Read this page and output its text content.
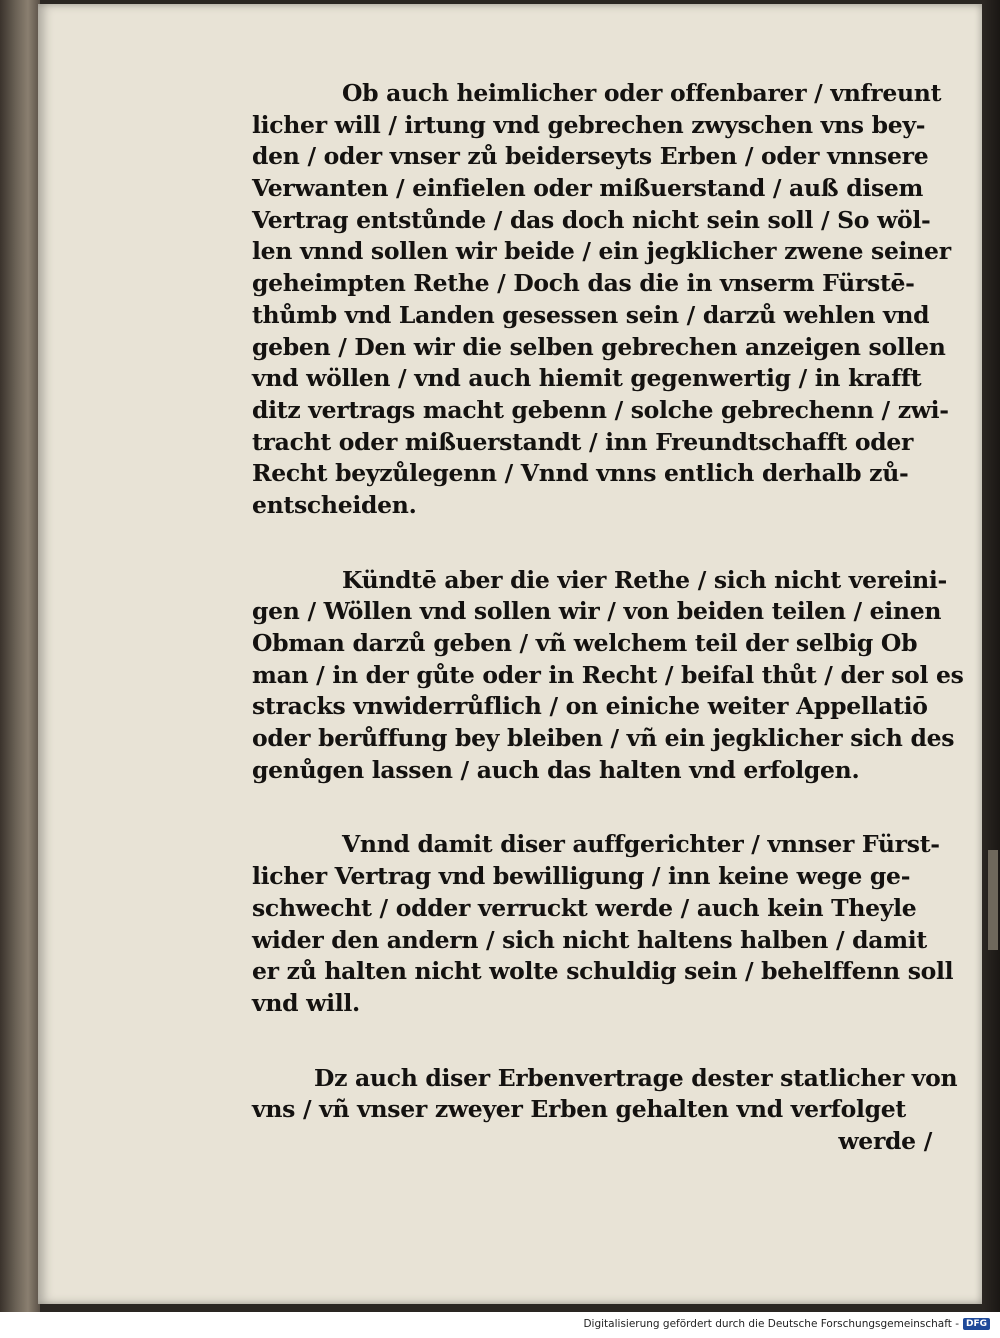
Ob auch heimlicher oder offenbarer / vnfreunt
licher will / irtung vnd gebrechen zwyschen vns bey-
den / oder vnser zů beiderseyts Erben / oder vnnsere
Verwanten / einfielen oder mißuerstand / auß disem
Vertrag entstůnde / das doch nicht sein soll / So wöl-
len vnnd sollen wir beide / ein jegklicher zwene seiner
geheimpten Rethe / Doch das die in vnserm Fürstē-
thůmb vnd Landen gesessen sein / darzů wehlen vnd
geben / Den wir die selben gebrechen anzeigen sollen
vnd wöllen / vnd auch hiemit gegenwertig / in krafft
ditz vertrags macht gebenn / solche gebrechenn / zwi-
tracht oder mißuerstandt / inn Freundtschafft oder
Recht beyzůlegenn / Vnnd vnns entlich derhalb zů-
entscheiden.
Kündtē aber die vier Rethe / sich nicht vereini-
gen / Wöllen vnd sollen wir / von beiden teilen / einen
Obman darzů geben / vñ welchem teil der selbig Ob
man / in der gůte oder in Recht / beifal thůt / der sol es
stracks vnwiderrůflich / on einiche weiter Appellatiō
oder berůffung bey bleiben / vñ ein jegklicher sich des
genůgen lassen / auch das halten vnd erfolgen.
Vnnd damit diser auffgerichter / vnnser Fürst-
licher Vertrag vnd bewilligung / inn keine wege ge-
schwecht / odder verruckt werde / auch kein Theyle
wider den andern / sich nicht haltens halben / damit
er zů halten nicht wolte schuldig sein / behelffenn soll
vnd will.
Dz auch diser Erbenvertrage dester statlicher von
vns / vñ vnser zweyer Erben gehalten vnd verfolget
werde /
Digitalisierung gefördert durch die Deutsche Forschungsgemeinschaft - DFG
